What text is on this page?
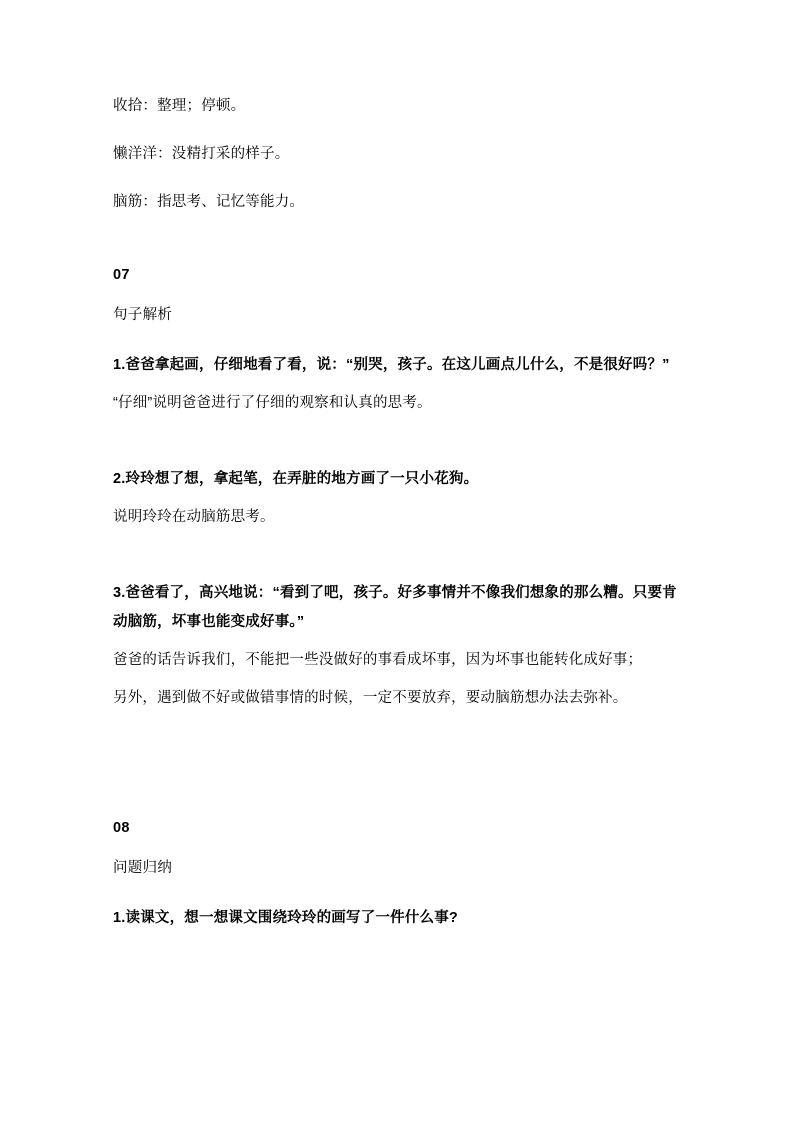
收拾：整理；停顿。

懒洋洋：没精打采的样子。

脑筋：指思考、记忆等能力。

07

句子解析

1.爸爸拿起画，仔细地看了看，说：“别哭，孩子。在这儿画点儿什么，不是很好吗？”

“仔细”说明爸爸进行了仔细的观察和认真的思考。

2.玲玲想了想，拿起笔，在弄脏的地方画了一只小花狗。

说明玲玲在动脑筋思考。

3.爸爸看了，高兴地说：“看到了吧，孩子。好多事情并不像我们想象的那么糟。只要肯动脑筋，坏事也能变成好事。”

爸爸的话告诉我们，不能把一些没做好的事看成坏事，因为坏事也能转化成好事；

另外，遇到做不好或做错事情的时候，一定不要放弃，要动脑筋想办法去弥补。

08

问题归纳

1.读课文，想一想课文围绕玲玲的画写了一件什么事?
